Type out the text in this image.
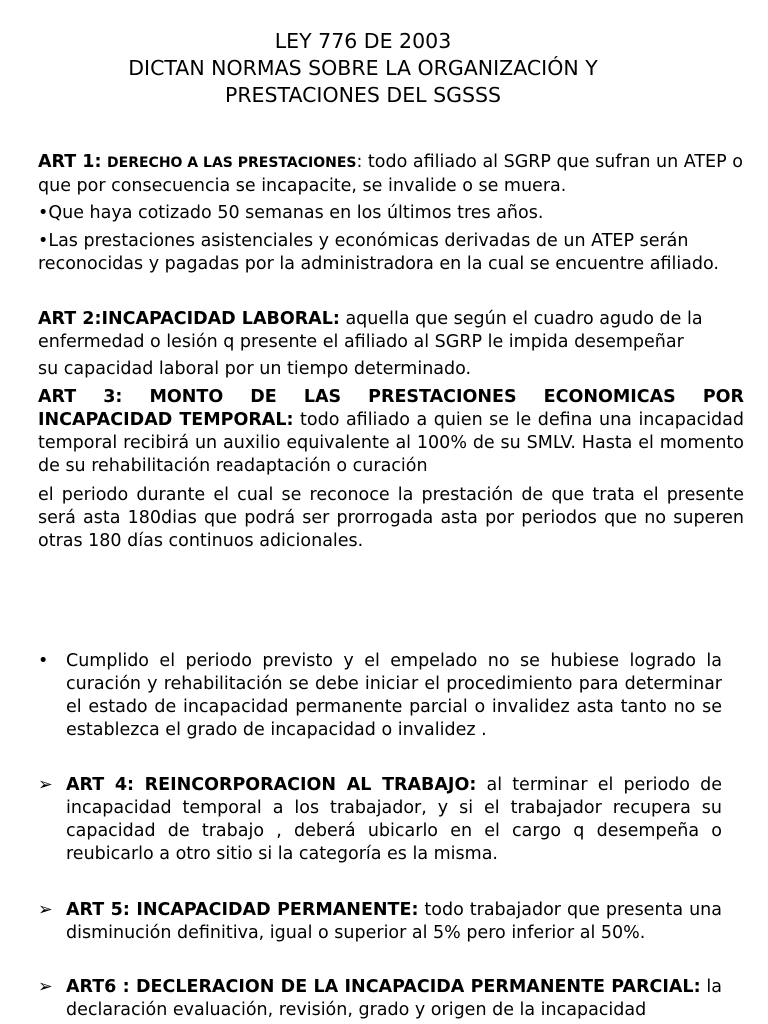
LEY 776 DE 2003
DICTAN NORMAS SOBRE LA ORGANIZACIÓN Y
PRESTACIONES DEL SGSSS
ART 1: DERECHO A LAS PRESTACIONES: todo afiliado al SGRP que sufran un ATEP o que por consecuencia se incapacite, se invalide o se muera.
•Que haya cotizado 50 semanas en los últimos tres años.
•Las prestaciones asistenciales y económicas derivadas de un ATEP serán reconocidas y pagadas por la administradora en la cual se encuentre afiliado.
ART 2:INCAPACIDAD LABORAL: aquella que según el cuadro agudo de la enfermedad o lesión q presente el afiliado al SGRP le impida desempeñar
su capacidad laboral por un tiempo determinado.
ART 3: MONTO DE LAS PRESTACIONES ECONOMICAS POR
INCAPACIDAD TEMPORAL: todo afiliado a quien se le defina una incapacidad temporal recibirá un auxilio equivalente al 100% de su SMLV. Hasta el momento de su rehabilitación readaptación o curación
el periodo durante el cual se reconoce la prestación de que trata el presente será asta 180dias que podrá ser prorrogada asta por periodos que no superen otras 180 días continuos adicionales.
• Cumplido el periodo previsto y el empelado no se hubiese logrado la curación y rehabilitación se debe iniciar el procedimiento para determinar el estado de incapacidad permanente parcial o invalidez asta tanto no se establezca el grado de incapacidad o invalidez .
➢ ART 4: REINCORPORACION AL TRABAJO: al terminar el periodo de incapacidad temporal a los trabajador, y si el trabajador recupera su capacidad de trabajo , deberá ubicarlo en el cargo q desempeña o reubicarlo a otro sitio si la categoría es la misma.
➢ ART 5: INCAPACIDAD PERMANENTE: todo trabajador que presenta una disminución definitiva, igual o superior al 5% pero inferior al 50%.
➢ ART6 : DECLERACION DE LA INCAPACIDA PERMANENTE PARCIAL: la declaración evaluación, revisión, grado y origen de la incapacidad
